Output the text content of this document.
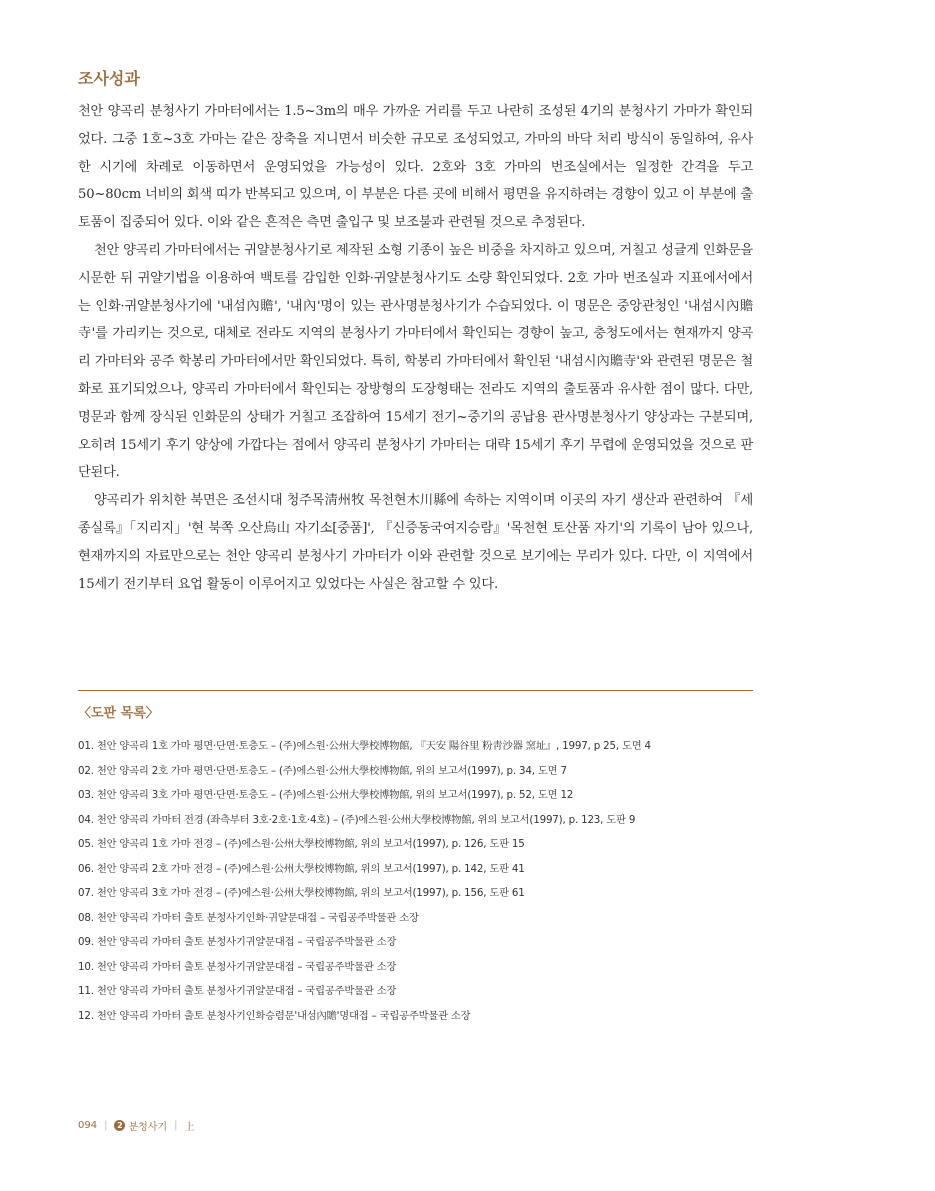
조사성과

천안 양곡리 분청사기 가마터에서는 1.5~3m의 매우 가까운 거리를 두고 나란히 조성된 4기의 분청사기 가마가 확인되었다. 그중 1호~3호 가마는 같은 장축을 지니면서 비슷한 규모로 조성되었고, 가마의 바닥 처리 방식이 동일하여, 유사한 시기에 차례로 이동하면서 운영되었을 가능성이 있다. 2호와 3호 가마의 번조실에서는 일정한 간격을 두고 50~80cm 너비의 회색 띠가 반복되고 있으며, 이 부분은 다른 곳에 비해서 평면을 유지하려는 경향이 있고 이 부분에 출토품이 집중되어 있다. 이와 같은 흔적은 측면 출입구 및 보조불과 관련될 것으로 추정된다.

천안 양곡리 가마터에서는 귀얄분청사기로 제작된 소형 기종이 높은 비중을 차지하고 있으며, 거칠고 성글게 인화문을 시문한 뒤 귀얄기법을 이용하여 백토를 감입한 인화·귀얄분청사기도 소량 확인되었다. 2호 가마 번조실과 지표에서에서는 인화·귀얄분청사기에 '내섬內贍', '내內'명이 있는 관사명분청사기가 수습되었다. 이 명문은 중앙관청인 '내섬시內贍寺'를 가리키는 것으로, 대체로 전라도 지역의 분청사기 가마터에서 확인되는 경향이 높고, 충청도에서는 현재까지 양곡리 가마터와 공주 학봉리 가마터에서만 확인되었다. 특히, 학봉리 가마터에서 확인된 '내섬시內贍寺'와 관련된 명문은 철화로 표기되었으나, 양곡리 가마터에서 확인되는 장방형의 도장형태는 전라도 지역의 출토품과 유사한 점이 많다. 다만, 명문과 함께 장식된 인화문의 상태가 거칠고 조잡하여 15세기 전기~중기의 공납용 관사명분청사기 양상과는 구분되며, 오히려 15세기 후기 양상에 가깝다는 점에서 양곡리 분청사기 가마터는 대략 15세기 후기 무렵에 운영되었을 것으로 판단된다.

양곡리가 위치한 북면은 조선시대 청주목淸州牧 목천현木川縣에 속하는 지역이며 이곳의 자기 생산과 관련하여 『세종실록』「지리지」'현 북쪽 오산烏山 자기소[중품]', 『신증동국여지승람』'목천현 토산품 자기'의 기록이 남아 있으나, 현재까지의 자료만으로는 천안 양곡리 분청사기 가마터가 이와 관련할 것으로 보기에는 무리가 있다. 다만, 이 지역에서 15세기 전기부터 요업 활동이 이루어지고 있었다는 사실은 참고할 수 있다.

〈도판 목록〉
01. 천안 양곡리 1호 가마 평면·단면·토층도 – (주)에스원·公州大學校博物館, 『天安 陽谷里 粉靑沙器 窯址』, 1997, p 25, 도면 4
02. 천안 양곡리 2호 가마 평면·단면·토층도 – (주)에스원·公州大學校博物館, 위의 보고서(1997), p. 34, 도면 7
03. 천안 양곡리 3호 가마 평면·단면·토층도 – (주)에스원·公州大學校博物館, 위의 보고서(1997), p. 52, 도면 12
04. 천안 양곡리 가마터 전경 (좌측부터 3호·2호·1호·4호) – (주)에스원·公州大學校博物館, 위의 보고서(1997), p. 123, 도판 9
05. 천안 양곡리 1호 가마 전경 – (주)에스원·公州大學校博物館, 위의 보고서(1997), p. 126, 도판 15
06. 천안 양곡리 2호 가마 전경 – (주)에스원·公州大學校博物館, 위의 보고서(1997), p. 142, 도판 41
07. 천안 양곡리 3호 가마 전경 – (주)에스원·公州大學校博物館, 위의 보고서(1997), p. 156, 도판 61
08. 천안 양곡리 가마터 출토 분청사기인화·귀얄문대접 – 국립공주박물관 소장
09. 천안 양곡리 가마터 출토 분청사기귀얄문대접 – 국립공주박물관 소장
10. 천안 양곡리 가마터 출토 분청사기귀얄문대접 – 국립공주박물관 소장
11. 천안 양곡리 가마터 출토 분청사기귀얄문대접 – 국립공주박물관 소장
12. 천안 양곡리 가마터 출토 분청사기인화승렴문'내섬內贍'명대접 – 국립공주박물관 소장
094 |	2 분청사기 | 上
